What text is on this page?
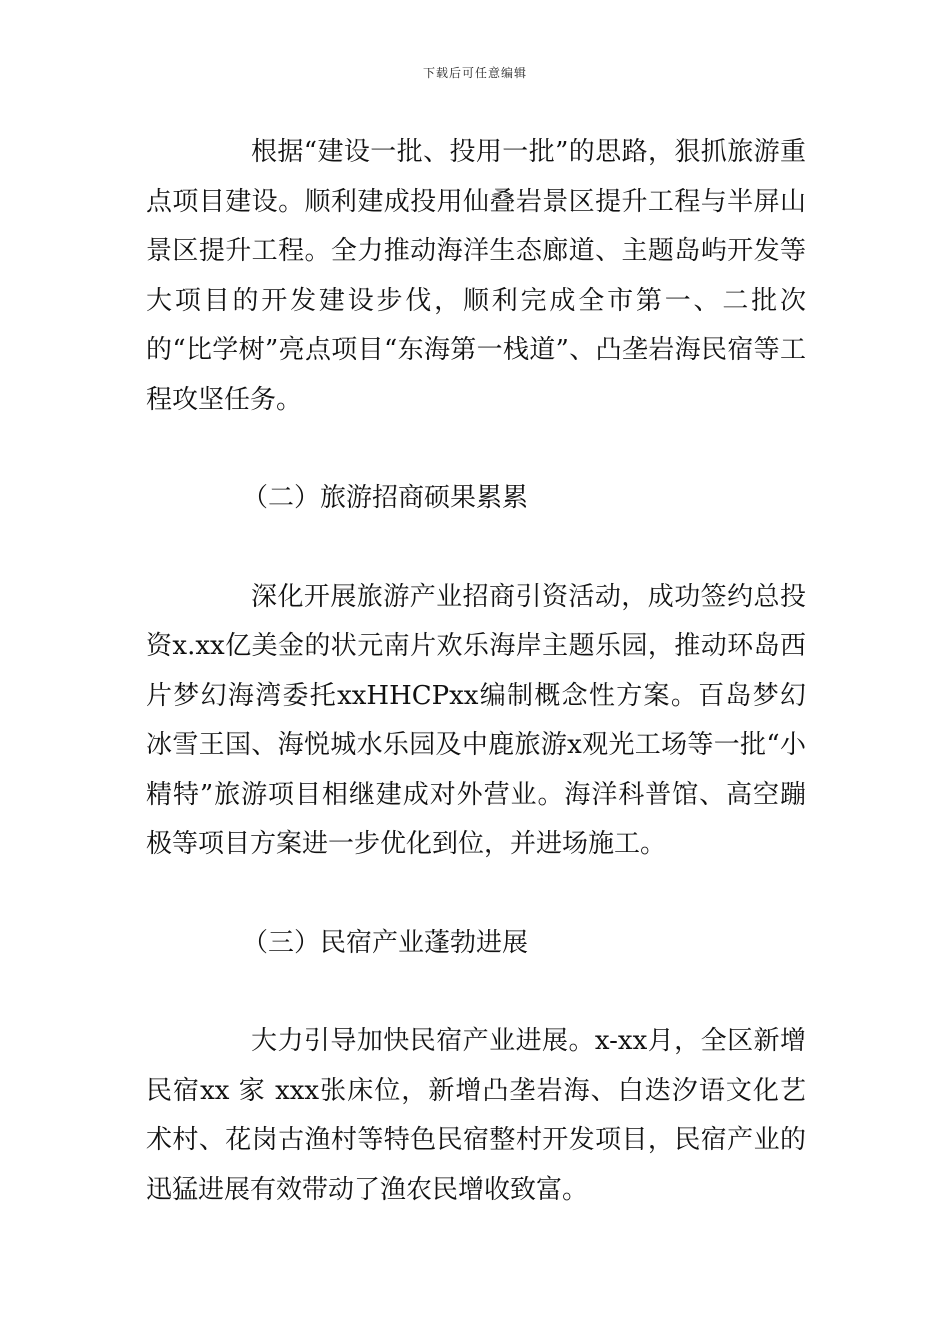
下载后可任意编辑

根据“建设一批、投用一批”的思路，狠抓旅游重点项目建设。顺利建成投用仙叠岩景区提升工程与半屏山景区提升工程。全力推动海洋生态廊道、主题岛屿开发等大项目的开发建设步伐，顺利完成全市第一、二批次的“比学树”亮点项目“东海第一栈道”、凸垄岩海民宿等工程攻坚任务。

（二）旅游招商硕果累累

深化开展旅游产业招商引资活动，成功签约总投资x.xx亿美金的状元南片欢乐海岸主题乐园，推动环岛西片梦幻海湾委托xxHHCPxx编制概念性方案。百岛梦幻冰雪王国、海悦城水乐园及中鹿旅游x观光工场等一批“小精特”旅游项目相继建成对外营业。海洋科普馆、高空蹦极等项目方案进一步优化到位，并进场施工。

（三）民宿产业蓬勃进展

大力引导加快民宿产业进展。x-xx月，全区新增民宿xx 家 xxx张床位，新增凸垄岩海、白迭汐语文化艺术村、花岗古渔村等特色民宿整村开发项目，民宿产业的迅猛进展有效带动了渔农民增收致富。
